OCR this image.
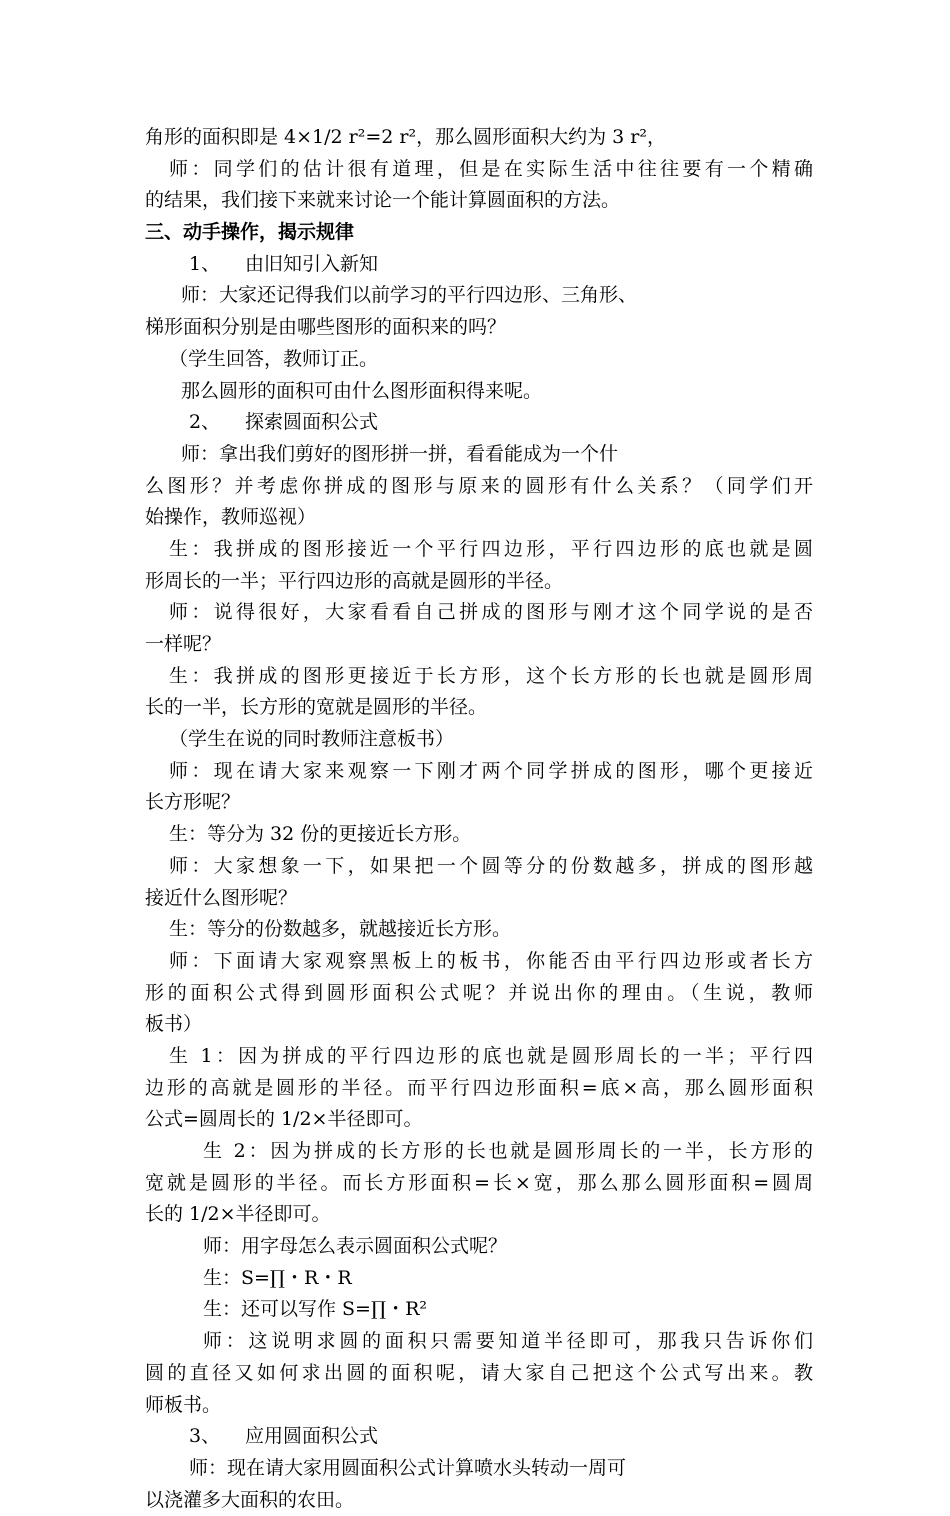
角形的面积即是 4×1/2 r²=2 r²，那么圆形面积大约为 3 r²，
师：同学们的估计很有道理，但是在实际生活中往往要有一个精确
的结果，我们接下来就来讨论一个能计算圆面积的方法。
三、动手操作，揭示规律
1、 由旧知引入新知
师：大家还记得我们以前学习的平行四边形、三角形、
梯形面积分别是由哪些图形的面积来的吗？
（学生回答，教师订正。
那么圆形的面积可由什么图形面积得来呢。
2、 探索圆面积公式
师：拿出我们剪好的图形拼一拼，看看能成为一个什
么图形？并考虑你拼成的图形与原来的圆形有什么关系？（同学们开
始操作，教师巡视）
生：我拼成的图形接近一个平行四边形，平行四边形的底也就是圆
形周长的一半；平行四边形的高就是圆形的半径。
师：说得很好，大家看看自己拼成的图形与刚才这个同学说的是否
一样呢？
生：我拼成的图形更接近于长方形，这个长方形的长也就是圆形周
长的一半，长方形的宽就是圆形的半径。
（学生在说的同时教师注意板书）
师：现在请大家来观察一下刚才两个同学拼成的图形，哪个更接近
长方形呢？
生：等分为 32 份的更接近长方形。
师：大家想象一下，如果把一个圆等分的份数越多，拼成的图形越
接近什么图形呢？
生：等分的份数越多，就越接近长方形。
师：下面请大家观察黑板上的板书，你能否由平行四边形或者长方
形的面积公式得到圆形面积公式呢？并说出你的理由。（生说，教师
板书）
生 1：因为拼成的平行四边形的底也就是圆形周长的一半；平行四
边形的高就是圆形的半径。而平行四边形面积=底×高，那么圆形面积
公式=圆周长的 1/2×半径即可。
生 2：因为拼成的长方形的长也就是圆形周长的一半，长方形的
宽就是圆形的半径。而长方形面积=长×宽，那么那么圆形面积=圆周
长的 1/2×半径即可。
师：用字母怎么表示圆面积公式呢？
生：S=∏・R・R
生：还可以写作 S=∏・R²
师：这说明求圆的面积只需要知道半径即可，那我只告诉你们
圆的直径又如何求出圆的面积呢，请大家自己把这个公式写出来。教
师板书。
3、 应用圆面积公式
师：现在请大家用圆面积公式计算喷水头转动一周可
以浇灌多大面积的农田。
